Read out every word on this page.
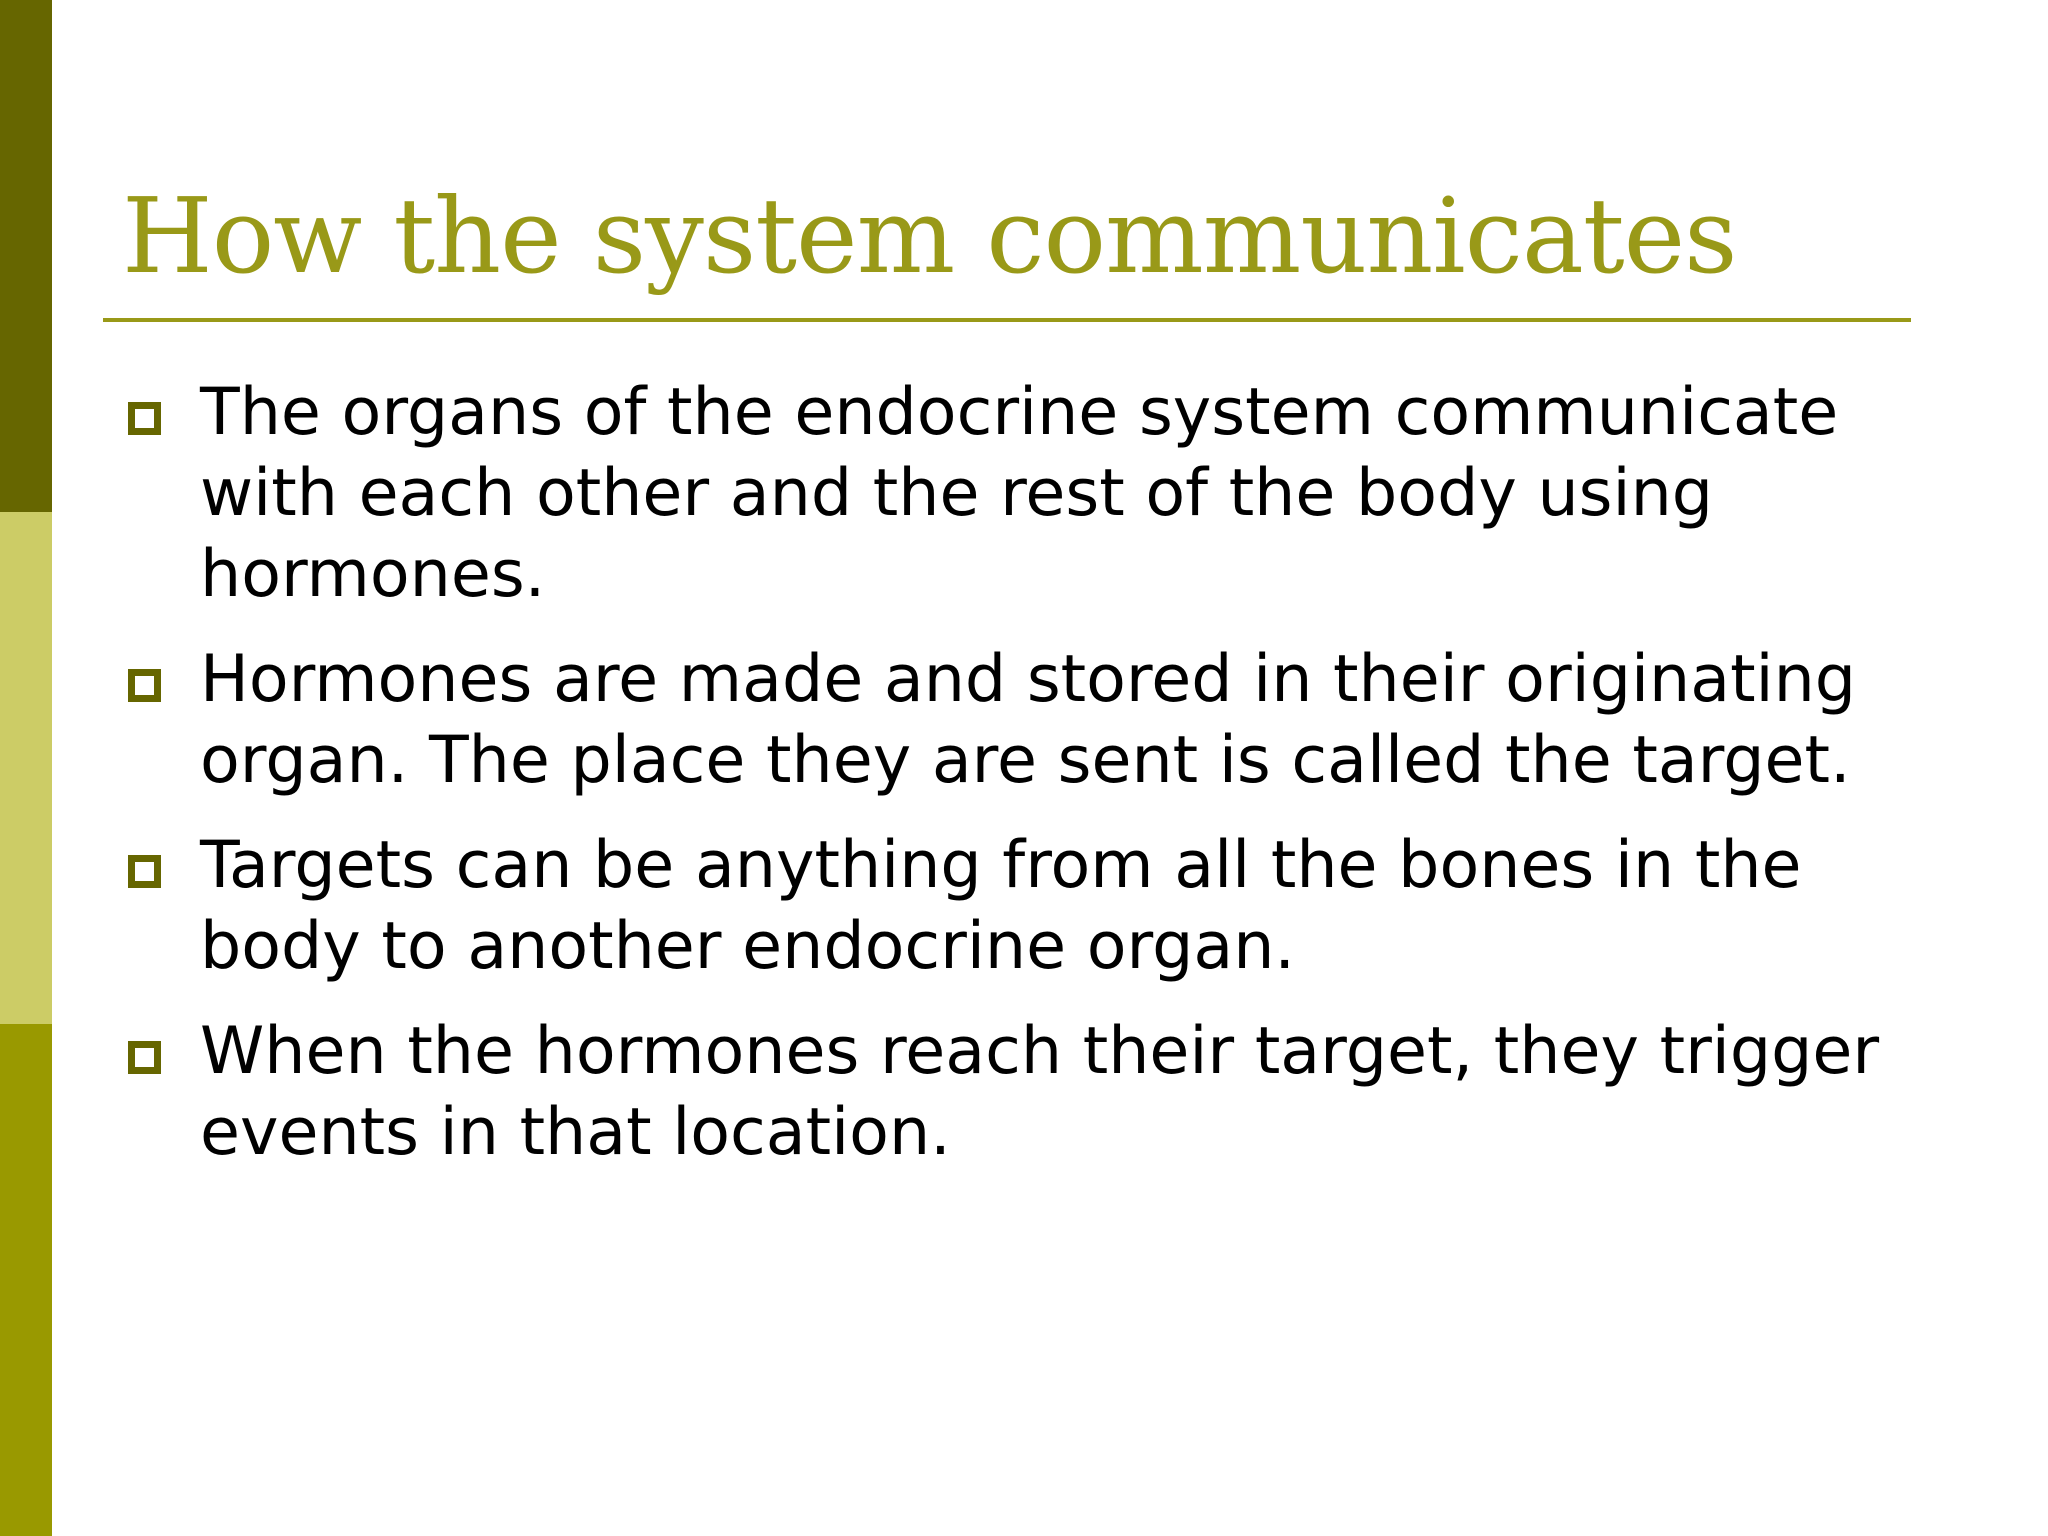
How the system communicates
The organs of the endocrine system communicate with each other and the rest of the body using hormones.
Hormones are made and stored in their originating organ. The place they are sent is called the target.
Targets can be anything from all the bones in the body to another endocrine organ.
When the hormones reach their target, they trigger events in that location.
